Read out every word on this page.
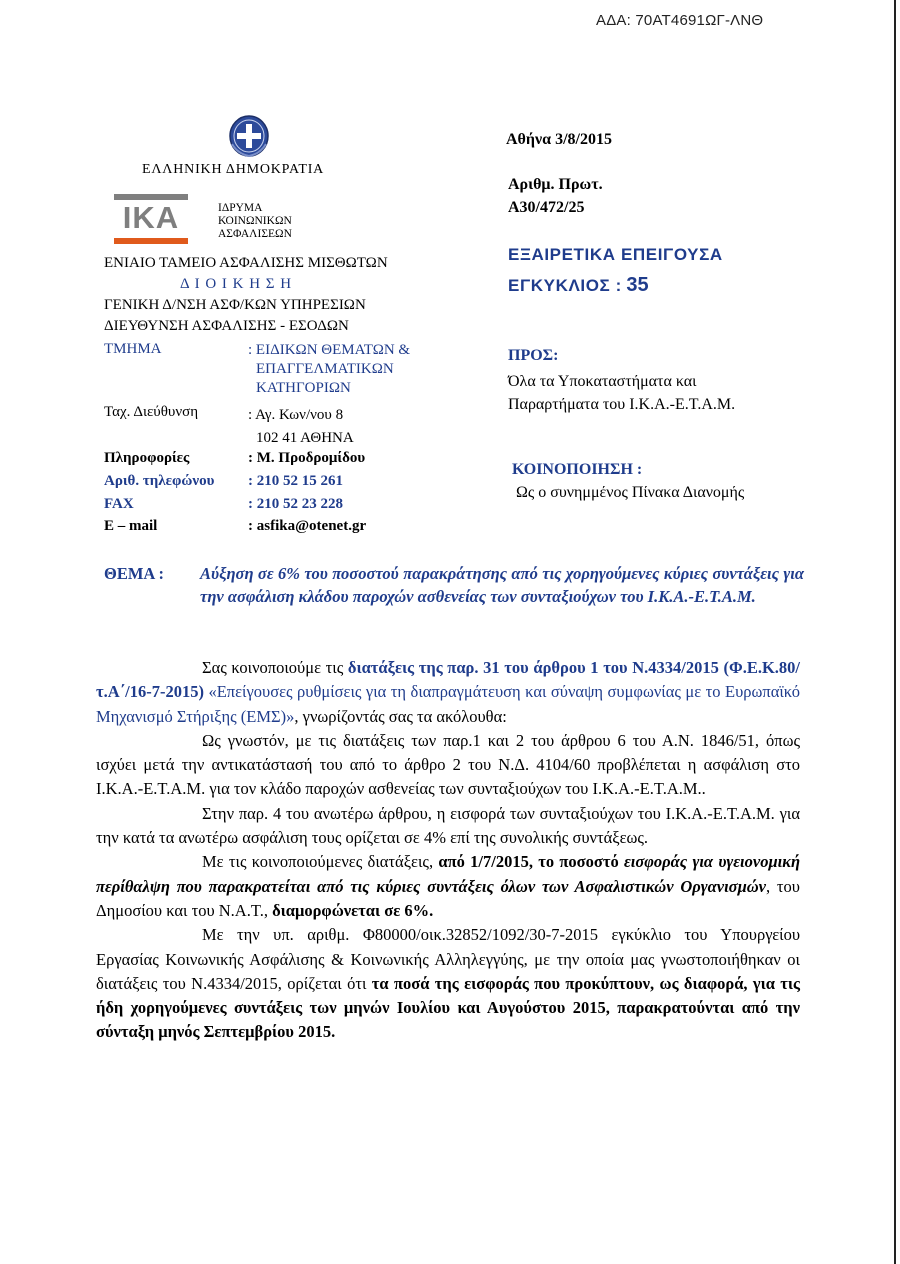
ΑΔΑ: 70ΑΤ4691ΩΓ-ΛΝΘ
ΕΛΛΗΝΙΚΗ ΔΗΜΟΚΡΑΤΙΑ
ΙΚΑ	ΙΔΡΥΜΑ
ΚΟΙΝΩΝΙΚΩΝ
ΑΣΦΑΛΙΣΕΩΝ
ΕΝΙΑΙΟ ΤΑΜΕΙΟ ΑΣΦΑΛΙΣΗΣ ΜΙΣΘΩΤΩΝ
Δ Ι Ο Ι Κ Η Σ Η
ΓΕΝΙΚΗ Δ/ΝΣΗ ΑΣΦ/ΚΩΝ ΥΠΗΡΕΣΙΩΝ
ΔΙΕΥΘΥΝΣΗ ΑΣΦΑΛΙΣΗΣ - ΕΣΟΔΩΝ
ΤΜΗΜΑ	: ΕΙΔΙΚΩΝ ΘΕΜΑΤΩΝ &
ΕΠΑΓΓΕΛΜΑΤΙΚΩΝ
ΚΑΤΗΓΟΡΙΩΝ
Ταχ. Διεύθυνση	: Αγ. Κων/νου 8
102 41 ΑΘΗΝΑ
Πληροφορίες	: Μ. Προδρομίδου
Αριθ. τηλεφώνου : 210 52 15 261
FAX	: 210 52 23 228
E – mail	: asfika@otenet.gr
Αθήνα 3/8/2015
Αριθμ. Πρωτ.
Α30/472/25
ΕΞΑΙΡΕΤΙΚΑ ΕΠΕΙΓΟΥΣΑ
ΕΓΚΥΚΛΙΟΣ : 35
ΠΡΟΣ:
Όλα τα Υποκαταστήματα και
Παραρτήματα του Ι.Κ.Α.-Ε.Τ.Α.Μ.
ΚΟΙΝΟΠΟΙΗΣΗ :
Ως ο συνημμένος Πίνακα Διανομής
ΘΕΜΑ : Αύξηση σε 6% του ποσοστού παρακράτησης από τις χορηγούμενες κύριες συντάξεις για την ασφάλιση κλάδου παροχών ασθενείας των συνταξιούχων του Ι.Κ.Α.-Ε.Τ.Α.Μ.

Σας κοινοποιούμε τις διατάξεις της παρ. 31 του άρθρου 1 του Ν.4334/2015 (Φ.Ε.Κ.80/τ.Α΄/16-7-2015) «Επείγουσες ρυθμίσεις για τη διαπραγμάτευση και σύναψη συμφωνίας με το Ευρωπαϊκό Μηχανισμό Στήριξης (ΕΜΣ)», γνωρίζοντάς σας τα ακόλουθα:

Ως γνωστόν, με τις διατάξεις των παρ.1 και 2 του άρθρου 6 του Α.Ν. 1846/51, όπως ισχύει μετά την αντικατάστασή του από το άρθρο 2 του Ν.Δ. 4104/60 προβλέπεται η ασφάλιση στο Ι.Κ.Α.-Ε.Τ.Α.Μ. για τον κλάδο παροχών ασθενείας των συνταξιούχων του Ι.Κ.Α.-Ε.Τ.Α.Μ..

Στην παρ. 4 του ανωτέρω άρθρου, η εισφορά των συνταξιούχων του Ι.Κ.Α.-Ε.Τ.Α.Μ. για την κατά τα ανωτέρω ασφάλιση τους ορίζεται σε 4% επί της συνολικής συντάξεως.

Με τις κοινοποιούμενες διατάξεις, από 1/7/2015, το ποσοστό εισφοράς για υγειονομική περίθαλψη που παρακρατείται από τις κύριες συντάξεις όλων των Ασφαλιστικών Οργανισμών, του Δημοσίου και του Ν.Α.Τ., διαμορφώνεται σε 6%.

Με την υπ. αριθμ. Φ80000/οικ.32852/1092/30-7-2015 εγκύκλιο του Υπουργείου Εργασίας Κοινωνικής Ασφάλισης & Κοινωνικής Αλληλεγγύης, με την οποία μας γνωστοποιήθηκαν οι διατάξεις του Ν.4334/2015, ορίζεται ότι τα ποσά της εισφοράς που προκύπτουν, ως διαφορά, για τις ήδη χορηγούμενες συντάξεις των μηνών Ιουλίου και Αυγούστου 2015, παρακρατούνται από την σύνταξη μηνός Σεπτεμβρίου 2015.
